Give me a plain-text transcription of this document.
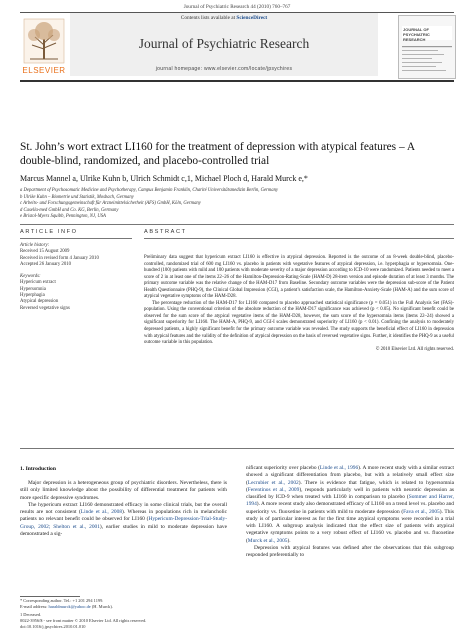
Journal of Psychiatric Research 44 (2010) 760–767
ELSEVIER
Contents lists available at ScienceDirect
Journal of Psychiatric Research
journal homepage: www.elsevier.com/locate/jpsychires
JOURNAL OF PSYCHIATRIC RESEARCH
St. John’s wort extract LI160 for the treatment of depression with atypical features – A double-blind, randomized, and placebo-controlled trial
Marcus Mannel a, Ulrike Kuhn b, Ulrich Schmidt c,1, Michael Ploch d, Harald Murck e,*
a Department of Psychosomatic Medicine and Psychotherapy, Campus Benjamin Franklin, Charité Universitätsmedizin Berlin, Germany
b Ulrike Kuhn – Biometrie und Statistik, Mosbach, Germany
c Arbeits- und Forschungsgemeinschaft für Arzneimittelsicherheit (AFS) GmbH, Köln, Germany
d Casella-med GmbH and Co. KG, Berlin, Germany
e Bristol-Myers Squibb, Pennington, NJ, USA
ARTICLE INFO	ABSTRACT
Article history:
Received 15 August 2009
Received in revised form 4 January 2010
Accepted 26 January 2010
Keywords:
Hypericum extract
Hypersomnia
Hyperphagia
Atypical depression
Reversed vegetative signs

Preliminary data suggest that hypericum extract LI160 is effective in atypical depression. Reported is the outcome of an 8-week double-blind, placebo-controlled, randomized trial of 600 mg LI160 vs. placebo in patients with vegetative features of atypical depression, i.e. hyperphagia or hypersomnia. One-hundred (100) patients with mild and 100 patients with moderate severity of a major depression according to ICD-10 were randomized. Patients needed to meet a score of 2 in at least one of the items 22–26 of the Hamilton-Depression-Rating-Scale (HAM-D) 28-item version and episode duration of at least 3 months. The primary outcome variable was the relative change of the HAM-D17 from Baseline. Secondary outcome variables were the depression sub-score of the Patient Health Questionnaire (PHQ-9), the Clinical Global Impression (CGI), a patient’s satisfaction scale, the Hamilton-Anxiety-Scale (HAM-A) and the sum score of atypical vegetative symptoms of the HAM-D28.

The percentage reduction of the HAM-D17 for LI160 compared to placebo approached statistical significance (p = 0.051) in the Full Analysis Set (FAS)-population. Using the conventional criterion of the absolute reduction of the HAM-D17 significance was achieved (p < 0.05). No significant benefit could be observed for the sum score of the atypical vegetative items of the HAM-D28, however, the sum score of the hypersomnia items (items 22–24) showed a significant superiority for LI160. The HAM-A, PHQ-9, and CGI-I scales demonstrated superiority of LI160 (p < 0.01). Confining the analysis to moderately depressed patients, a highly significant benefit for the primary outcome variable was revealed. The study supports the beneficial effect of LI160 in depression with atypical features and the validity of the definition of atypical depression on the basis of reversed vegetative signs. Further, it identifies the PHQ-9 as a useful outcome variable in this population.

© 2010 Elsevier Ltd. All rights reserved.
1. Introduction

Major depression is a heterogeneous group of psychiatric disorders. Nevertheless, there is still only limited knowledge about the possibility of differential treatment for patients with more specific depressive syndromes.

The hypericum extract LI160 demonstrated efficacy in some clinical trials, but the overall results are not consistent (Linde et al., 2008). Whereas in populations rich in melancholic patients no relevant benefit could be observed for LI160 (Hypericum-Depression-Trial-Study-Group, 2002; Shelton et al., 2001), earlier studies in mild to moderate depression have demonstrated a sig-

nificant superiority over placebo (Linde et al., 1996). A more recent study with a similar extract showed a significant differentiation from placebo, but with a relatively small effect size (Lecrubier et al., 2002). There is evidence that fatigue, which is related to hypersomnia (Ferentinos et al., 2009), responds particularly well in patients with neurotic depression as classified by ICD-9 when treated with LI160 in comparison to placebo (Sommer and Harrer, 1994). A more recent study also demonstrated efficacy of LI160 on a trend level vs. placebo and superiority vs. fluoxetine in patients with mild to moderate depression (Fava et al., 2005). This study is of particular interest as for the first time atypical symptoms were recorded in a trial with LI160. A subgroup analysis indicated that the effect size of patients with atypical vegetative symptoms points to a very robust effect of LI160 vs. placebo and vs. fluoxetine (Murck et al., 2005).

Depression with atypical features was defined after the observations that this subgroup responded preferentially to

* Corresponding author. Tel.: +1 201 294 1199.
E-mail address: haraldmurck@yahoo.de (H. Murck).
1 Deceased.
0022-3956/$ - see front matter © 2010 Elsevier Ltd. All rights reserved.
doi:10.1016/j.jpsychires.2010.01.010
